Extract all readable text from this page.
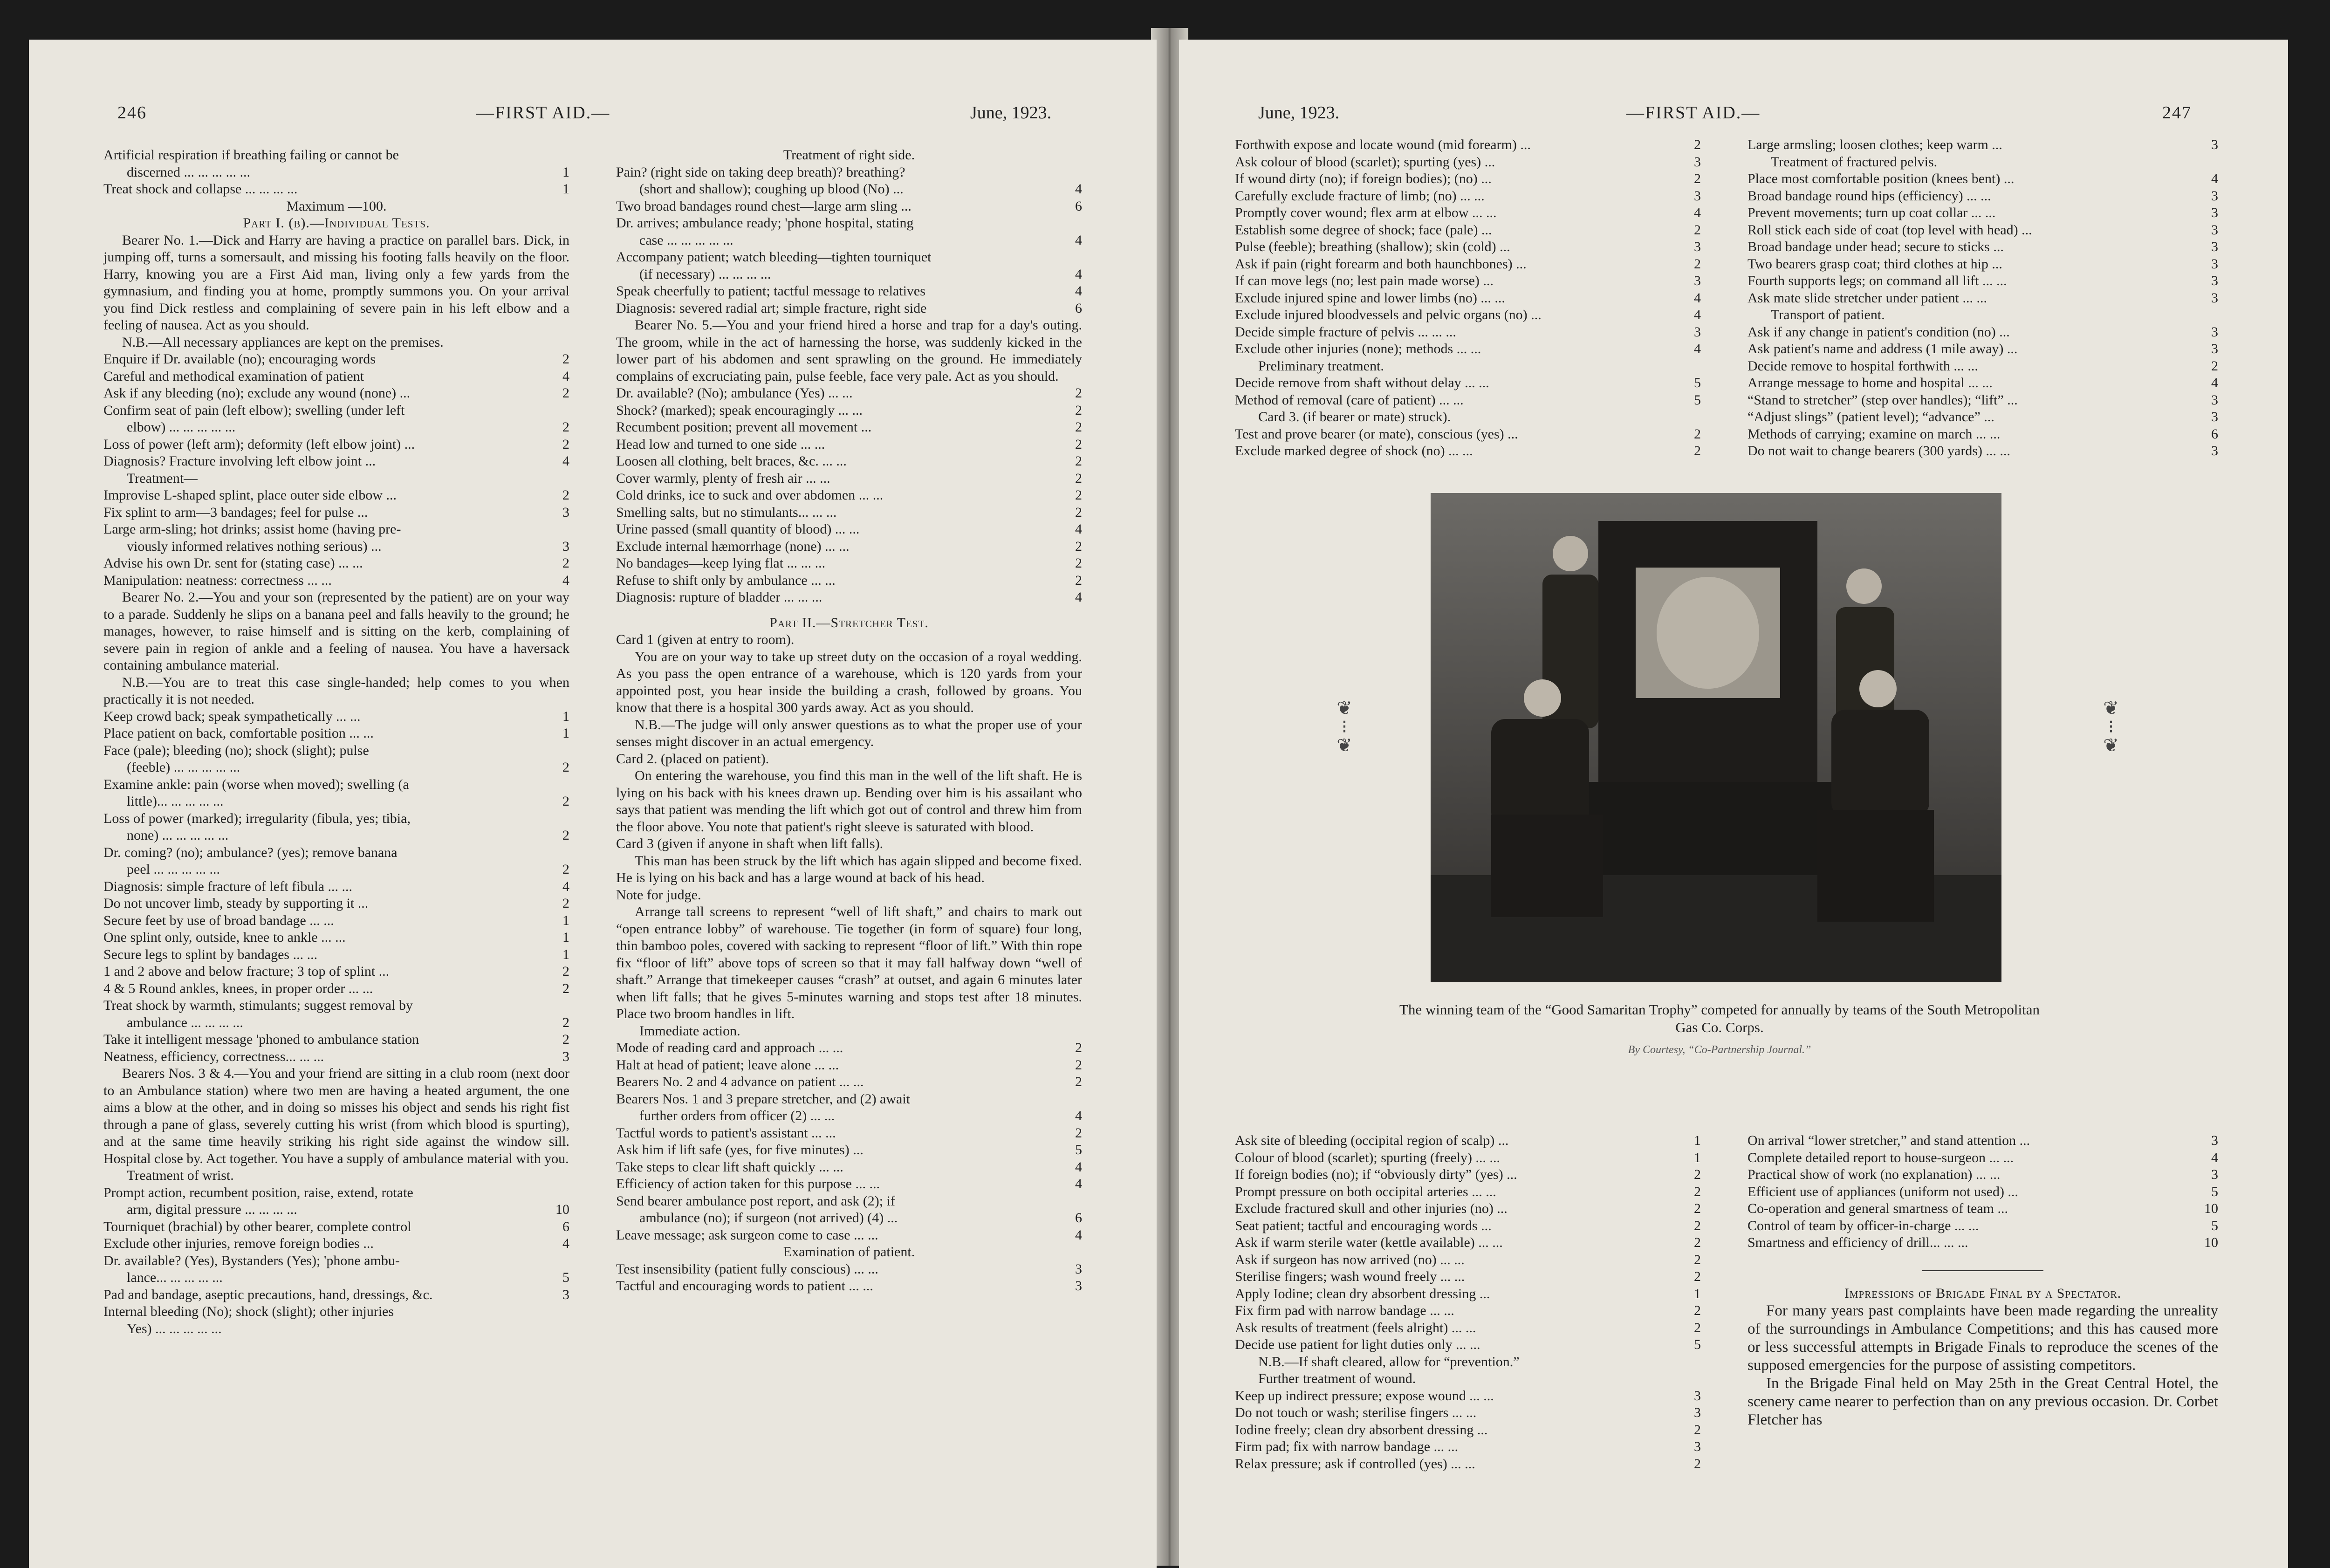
246	—FIRST AID.—	June, 1923.
Artificial respiration if breathing failing or cannot be
discerned ... ... ... ... ...	1
Treat shock and collapse ... ... ... ...	1
Maximum —100.

Part I. (b).—Individual Tests.

Bearer No. 1.—Dick and Harry are having a practice on parallel bars. Dick, in jumping off, turns a somersault, and missing his footing falls heavily on the floor. Harry, knowing you are a First Aid man, living only a few yards from the gymnasium, and finding you at home, promptly summons you. On your arrival you find Dick restless and complaining of severe pain in his left elbow and a feeling of nausea. Act as you should.

N.B.—All necessary appliances are kept on the premises.

Enquire if Dr. available (no); encouraging words	2
Careful and methodical examination of patient	4
Ask if any bleeding (no); exclude any wound (none) ...	2
Confirm seat of pain (left elbow); swelling (under left
elbow) ... ... ... ... ...	2
Loss of power (left arm); deformity (left elbow joint) ...	2
Diagnosis? Fracture involving left elbow joint ...	4
Treatment—
Improvise L-shaped splint, place outer side elbow ...	2
Fix splint to arm—3 bandages; feel for pulse ...	3
Large arm-sling; hot drinks; assist home (having pre-
viously informed relatives nothing serious) ...	3
Advise his own Dr. sent for (stating case) ... ...	2
Manipulation: neatness: correctness ... ...	4

Bearer No. 2.—You and your son (represented by the patient) are on your way to a parade. Suddenly he slips on a banana peel and falls heavily to the ground; he manages, however, to raise himself and is sitting on the kerb, complaining of severe pain in region of ankle and a feeling of nausea. You have a haversack containing ambulance material.

N.B.—You are to treat this case single-handed; help comes to you when practically it is not needed.

Keep crowd back; speak sympathetically ... ...	1
Place patient on back, comfortable position ... ...	1
Face (pale); bleeding (no); shock (slight); pulse
(feeble) ... ... ... ... ...	2
Examine ankle: pain (worse when moved); swelling (a
little)... ... ... ... ...	2
Loss of power (marked); irregularity (fibula, yes; tibia,
none) ... ... ... ... ...	2
Dr. coming? (no); ambulance? (yes); remove banana
peel ... ... ... ... ...	2
Diagnosis: simple fracture of left fibula ... ...	4
Do not uncover limb, steady by supporting it ...	2
Secure feet by use of broad bandage ... ...	1
One splint only, outside, knee to ankle ... ...	1
Secure legs to splint by bandages ... ...	1
1 and 2 above and below fracture; 3 top of splint ...	2
4 & 5 Round ankles, knees, in proper order ... ...	2
Treat shock by warmth, stimulants; suggest removal by
ambulance ... ... ... ...	2
Take it intelligent message 'phoned to ambulance station	2
Neatness, efficiency, correctness... ... ...	3

Bearers Nos. 3 & 4.—You and your friend are sitting in a club room (next door to an Ambulance station) where two men are having a heated argument, the one aims a blow at the other, and in doing so misses his object and sends his right fist through a pane of glass, severely cutting his wrist (from which blood is spurting), and at the same time heavily striking his right side against the window sill. Hospital close by. Act together. You have a supply of ambulance material with you.

Treatment of wrist.

Prompt action, recumbent position, raise, extend, rotate
arm, digital pressure ... ... ... ...	10
Tourniquet (brachial) by other bearer, complete control	6
Exclude other injuries, remove foreign bodies ...	4
Dr. available? (Yes), Bystanders (Yes); 'phone ambu-
lance... ... ... ... ...	5
Pad and bandage, aseptic precautions, hand, dressings, &c.	3
Internal bleeding (No); shock (slight); other injuries
Yes) ... ... ... ... ...
Treatment of right side.
Pain? (right side on taking deep breath)? breathing?
(short and shallow); coughing up blood (No) ...	4
Two broad bandages round chest—large arm sling ...	6
Dr. arrives; ambulance ready; 'phone hospital, stating
case ... ... ... ... ...	4
Accompany patient; watch bleeding—tighten tourniquet
(if necessary) ... ... ... ...	4
Speak cheerfully to patient; tactful message to relatives	4
Diagnosis: severed radial art; simple fracture, right side	6

Bearer No. 5.—You and your friend hired a horse and trap for a day's outing. The groom, while in the act of harnessing the horse, was suddenly kicked in the lower part of his abdomen and sent sprawling on the ground. He immediately complains of excruciating pain, pulse feeble, face very pale. Act as you should.

Dr. available? (No); ambulance (Yes) ... ...	2
Shock? (marked); speak encouragingly ... ...	2
Recumbent position; prevent all movement ...	2
Head low and turned to one side ... ...	2
Loosen all clothing, belt braces, &c. ... ...	2
Cover warmly, plenty of fresh air ... ...	2
Cold drinks, ice to suck and over abdomen ... ...	2
Smelling salts, but no stimulants... ... ...	2
Urine passed (small quantity of blood) ... ...	4
Exclude internal hæmorrhage (none) ... ...	2
No bandages—keep lying flat ... ... ...	2
Refuse to shift only by ambulance ... ...	2
Diagnosis: rupture of bladder ... ... ...	4

Part II.—Stretcher Test.

Card 1 (given at entry to room).

You are on your way to take up street duty on the occasion of a royal wedding. As you pass the open entrance of a warehouse, which is 120 yards from your appointed post, you hear inside the building a crash, followed by groans. You know that there is a hospital 300 yards away. Act as you should.

N.B.—The judge will only answer questions as to what the proper use of your senses might discover in an actual emergency.

Card 2. (placed on patient).

On entering the warehouse, you find this man in the well of the lift shaft. He is lying on his back with his knees drawn up. Bending over him is his assailant who says that patient was mending the lift which got out of control and threw him from the floor above. You note that patient's right sleeve is saturated with blood.

Card 3 (given if anyone in shaft when lift falls).

This man has been struck by the lift which has again slipped and become fixed. He is lying on his back and has a large wound at back of his head.

Note for judge.

Arrange tall screens to represent “well of lift shaft,” and chairs to mark out “open entrance lobby” of warehouse. Tie together (in form of square) four long, thin bamboo poles, covered with sacking to represent “floor of lift.” With thin rope fix “floor of lift” above tops of screen so that it may fall halfway down “well of shaft.” Arrange that timekeeper causes “crash” at outset, and again 6 minutes later when lift falls; that he gives 5-minutes warning and stops test after 18 minutes. Place two broom handles in lift.

Immediate action.

Mode of reading card and approach ... ...	2
Halt at head of patient; leave alone ... ...	2
Bearers No. 2 and 4 advance on patient ... ...	2
Bearers Nos. 1 and 3 prepare stretcher, and (2) await
further orders from officer (2) ... ...	4
Tactful words to patient's assistant ... ...	2
Ask him if lift safe (yes, for five minutes) ...	5
Take steps to clear lift shaft quickly ... ...	4
Efficiency of action taken for this purpose ... ...	4
Send bearer ambulance post report, and ask (2); if
ambulance (no); if surgeon (not arrived) (4) ...	6
Leave message; ask surgeon come to case ... ...	4
Examination of patient.
Test insensibility (patient fully conscious) ... ...	3
Tactful and encouraging words to patient ... ...	3
June, 1923.	—FIRST AID.—	247
Forthwith expose and locate wound (mid forearm) ...	2
Ask colour of blood (scarlet); spurting (yes) ...	3
If wound dirty (no); if foreign bodies); (no) ...	2
Carefully exclude fracture of limb; (no) ... ...	3
Promptly cover wound; flex arm at elbow ... ...	4
Establish some degree of shock; face (pale) ...	2
Pulse (feeble); breathing (shallow); skin (cold) ...	3
Ask if pain (right forearm and both haunchbones) ...	2
If can move legs (no; lest pain made worse) ...	3
Exclude injured spine and lower limbs (no) ... ...	4
Exclude injured bloodvessels and pelvic organs (no) ...	4
Decide simple fracture of pelvis ... ... ...	3
Exclude other injuries (none); methods ... ...	4
Preliminary treatment.
Decide remove from shaft without delay ... ...	5
Method of removal (care of patient) ... ...	5
Card 3. (if bearer or mate) struck).
Test and prove bearer (or mate), conscious (yes) ...	2
Exclude marked degree of shock (no) ... ...	2
Large armsling; loosen clothes; keep warm ...	3
Treatment of fractured pelvis.
Place most comfortable position (knees bent) ...	4
Broad bandage round hips (efficiency) ... ...	3
Prevent movements; turn up coat collar ... ...	3
Roll stick each side of coat (top level with head) ...	3
Broad bandage under head; secure to sticks ...	3
Two bearers grasp coat; third clothes at hip ...	3
Fourth supports legs; on command all lift ... ...	3
Ask mate slide stretcher under patient ... ...	3
Transport of patient.
Ask if any change in patient's condition (no) ...	3
Ask patient's name and address (1 mile away) ...	3
Decide remove to hospital forthwith ... ...	2
Arrange message to home and hospital ... ...	4
“Stand to stretcher” (step over handles); “lift” ...	3
“Adjust slings” (patient level); “advance” ...	3
Methods of carrying; examine on march ... ...	6
Do not wait to change bearers (300 yards) ... ...	3
Ask site of bleeding (occipital region of scalp) ...	1
Colour of blood (scarlet); spurting (freely) ... ...	1
If foreign bodies (no); if “obviously dirty” (yes) ...	2
Prompt pressure on both occipital arteries ... ...	2
Exclude fractured skull and other injuries (no) ...	2
Seat patient; tactful and encouraging words ...	2
Ask if warm sterile water (kettle available) ... ...	2
Ask if surgeon has now arrived (no) ... ...	2
Sterilise fingers; wash wound freely ... ...	2
Apply Iodine; clean dry absorbent dressing ...	1
Fix firm pad with narrow bandage ... ...	2
Ask results of treatment (feels alright) ... ...	2
Decide use patient for light duties only ... ...	5
N.B.—If shaft cleared, allow for “prevention.”
Further treatment of wound.
Keep up indirect pressure; expose wound ... ...	3
Do not touch or wash; sterilise fingers ... ...	3
Iodine freely; clean dry absorbent dressing ...	2
Firm pad; fix with narrow bandage ... ...	3
Relax pressure; ask if controlled (yes) ... ...	2
On arrival “lower stretcher,” and stand attention ...	3
Complete detailed report to house-surgeon ... ...	4
Practical show of work (no explanation) ... ...	3
Efficient use of appliances (uniform not used) ...	5
Co-operation and general smartness of team ...	10
Control of team by officer-in-charge ... ...	5
Smartness and efficiency of drill... ... ...	10

Impressions of Brigade Final by a Spectator.

For many years past complaints have been made regarding the unreality of the surroundings in Ambulance Competitions; and this has caused more or less successful attempts in Brigade Finals to reproduce the scenes of the supposed emergencies for the purpose of assisting competitors.

In the Brigade Final held on May 25th in the Great Central Hotel, the scenery came nearer to perfection than on any previous occasion. Dr. Corbet Fletcher has

The winning team of the “Good Samaritan Trophy” competed for annually by teams of the South Metropolitan Gas Co. Corps.
By Courtesy, “Co-Partnership Journal.”
❦
⁝
❦
❦
⁝
❦
